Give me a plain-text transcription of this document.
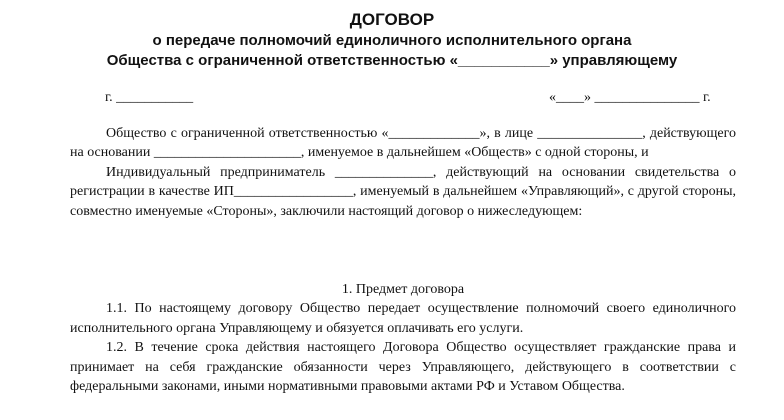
ДОГОВОР
о передаче полномочий единоличного исполнительного органа
Общества с ограниченной ответственностью «___________» управляющему
г. ___________	«____» _______________ г.

Общество с ограниченной ответственностью «_____________», в лице _______________, действующего на основании _____________________, именуемое в дальнейшем «Обществ» с одной стороны, и

Индивидуальный предприниматель ______________, действующий на основании свидетельства о регистрации в качестве ИП_________________, именуемый в дальнейшем «Управляющий», с другой стороны, совместно именуемые «Стороны», заключили настоящий договор о нижеследующем:

1. Предмет договора

1.1. По настоящему договору Общество передает осуществление полномочий своего единоличного исполнительного органа Управляющему и обязуется оплачивать его услуги.

1.2. В течение срока действия настоящего Договора Общество осуществляет гражданские права и принимает на себя гражданские обязанности через Управляющего, действующего в соответствии с федеральными законами, иными нормативными правовыми актами РФ и Уставом Общества.
